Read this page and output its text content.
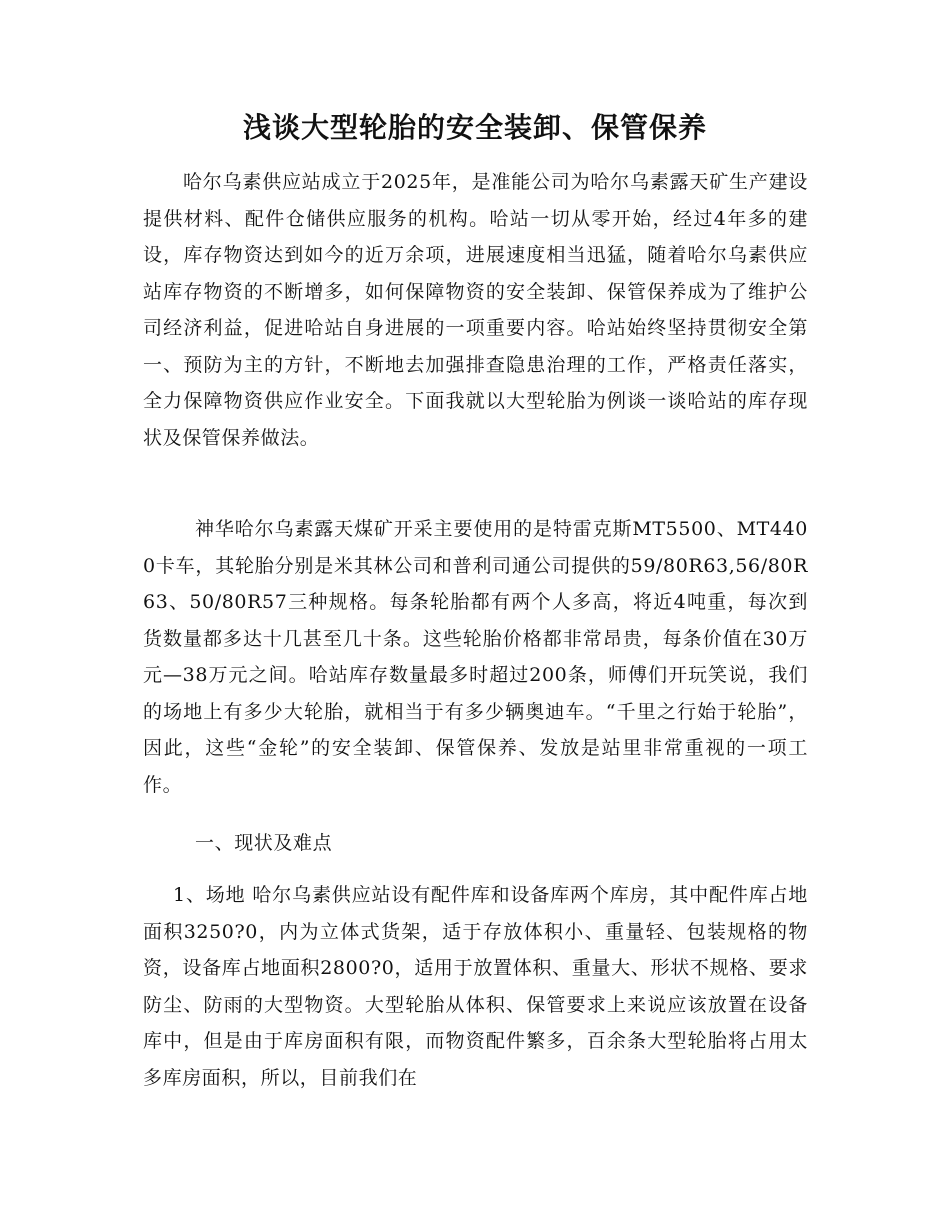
浅谈大型轮胎的安全装卸、保管保养

哈尔乌素供应站成立于2025年，是准能公司为哈尔乌素露天矿生产建设提供材料、配件仓储供应服务的机构。哈站一切从零开始，经过4年多的建设，库存物资达到如今的近万余项，进展速度相当迅猛，随着哈尔乌素供应站库存物资的不断增多，如何保障物资的安全装卸、保管保养成为了维护公司经济利益，促进哈站自身进展的一项重要内容。哈站始终坚持贯彻安全第一、预防为主的方针，不断地去加强排查隐患治理的工作，严格责任落实，全力保障物资供应作业安全。下面我就以大型轮胎为例谈一谈哈站的库存现状及保管保养做法。

神华哈尔乌素露天煤矿开采主要使用的是特雷克斯MT5500、MT4400卡车，其轮胎分别是米其林公司和普利司通公司提供的59/80R63,56/80R63、50/80R57三种规格。每条轮胎都有两个人多高，将近4吨重，每次到货数量都多达十几甚至几十条。这些轮胎价格都非常昂贵，每条价值在30万元—38万元之间。哈站库存数量最多时超过200条，师傅们开玩笑说，我们的场地上有多少大轮胎，就相当于有多少辆奥迪车。“千里之行始于轮胎”，因此，这些“金轮”的安全装卸、保管保养、发放是站里非常重视的一项工作。

一、现状及难点

1、场地 哈尔乌素供应站设有配件库和设备库两个库房，其中配件库占地面积3250?0，内为立体式货架，适于存放体积小、重量轻、包装规格的物资，设备库占地面积2800?0，适用于放置体积、重量大、形状不规格、要求防尘、防雨的大型物资。大型轮胎从体积、保管要求上来说应该放置在设备库中，但是由于库房面积有限，而物资配件繁多，百余条大型轮胎将占用太多库房面积，所以，目前我们在
